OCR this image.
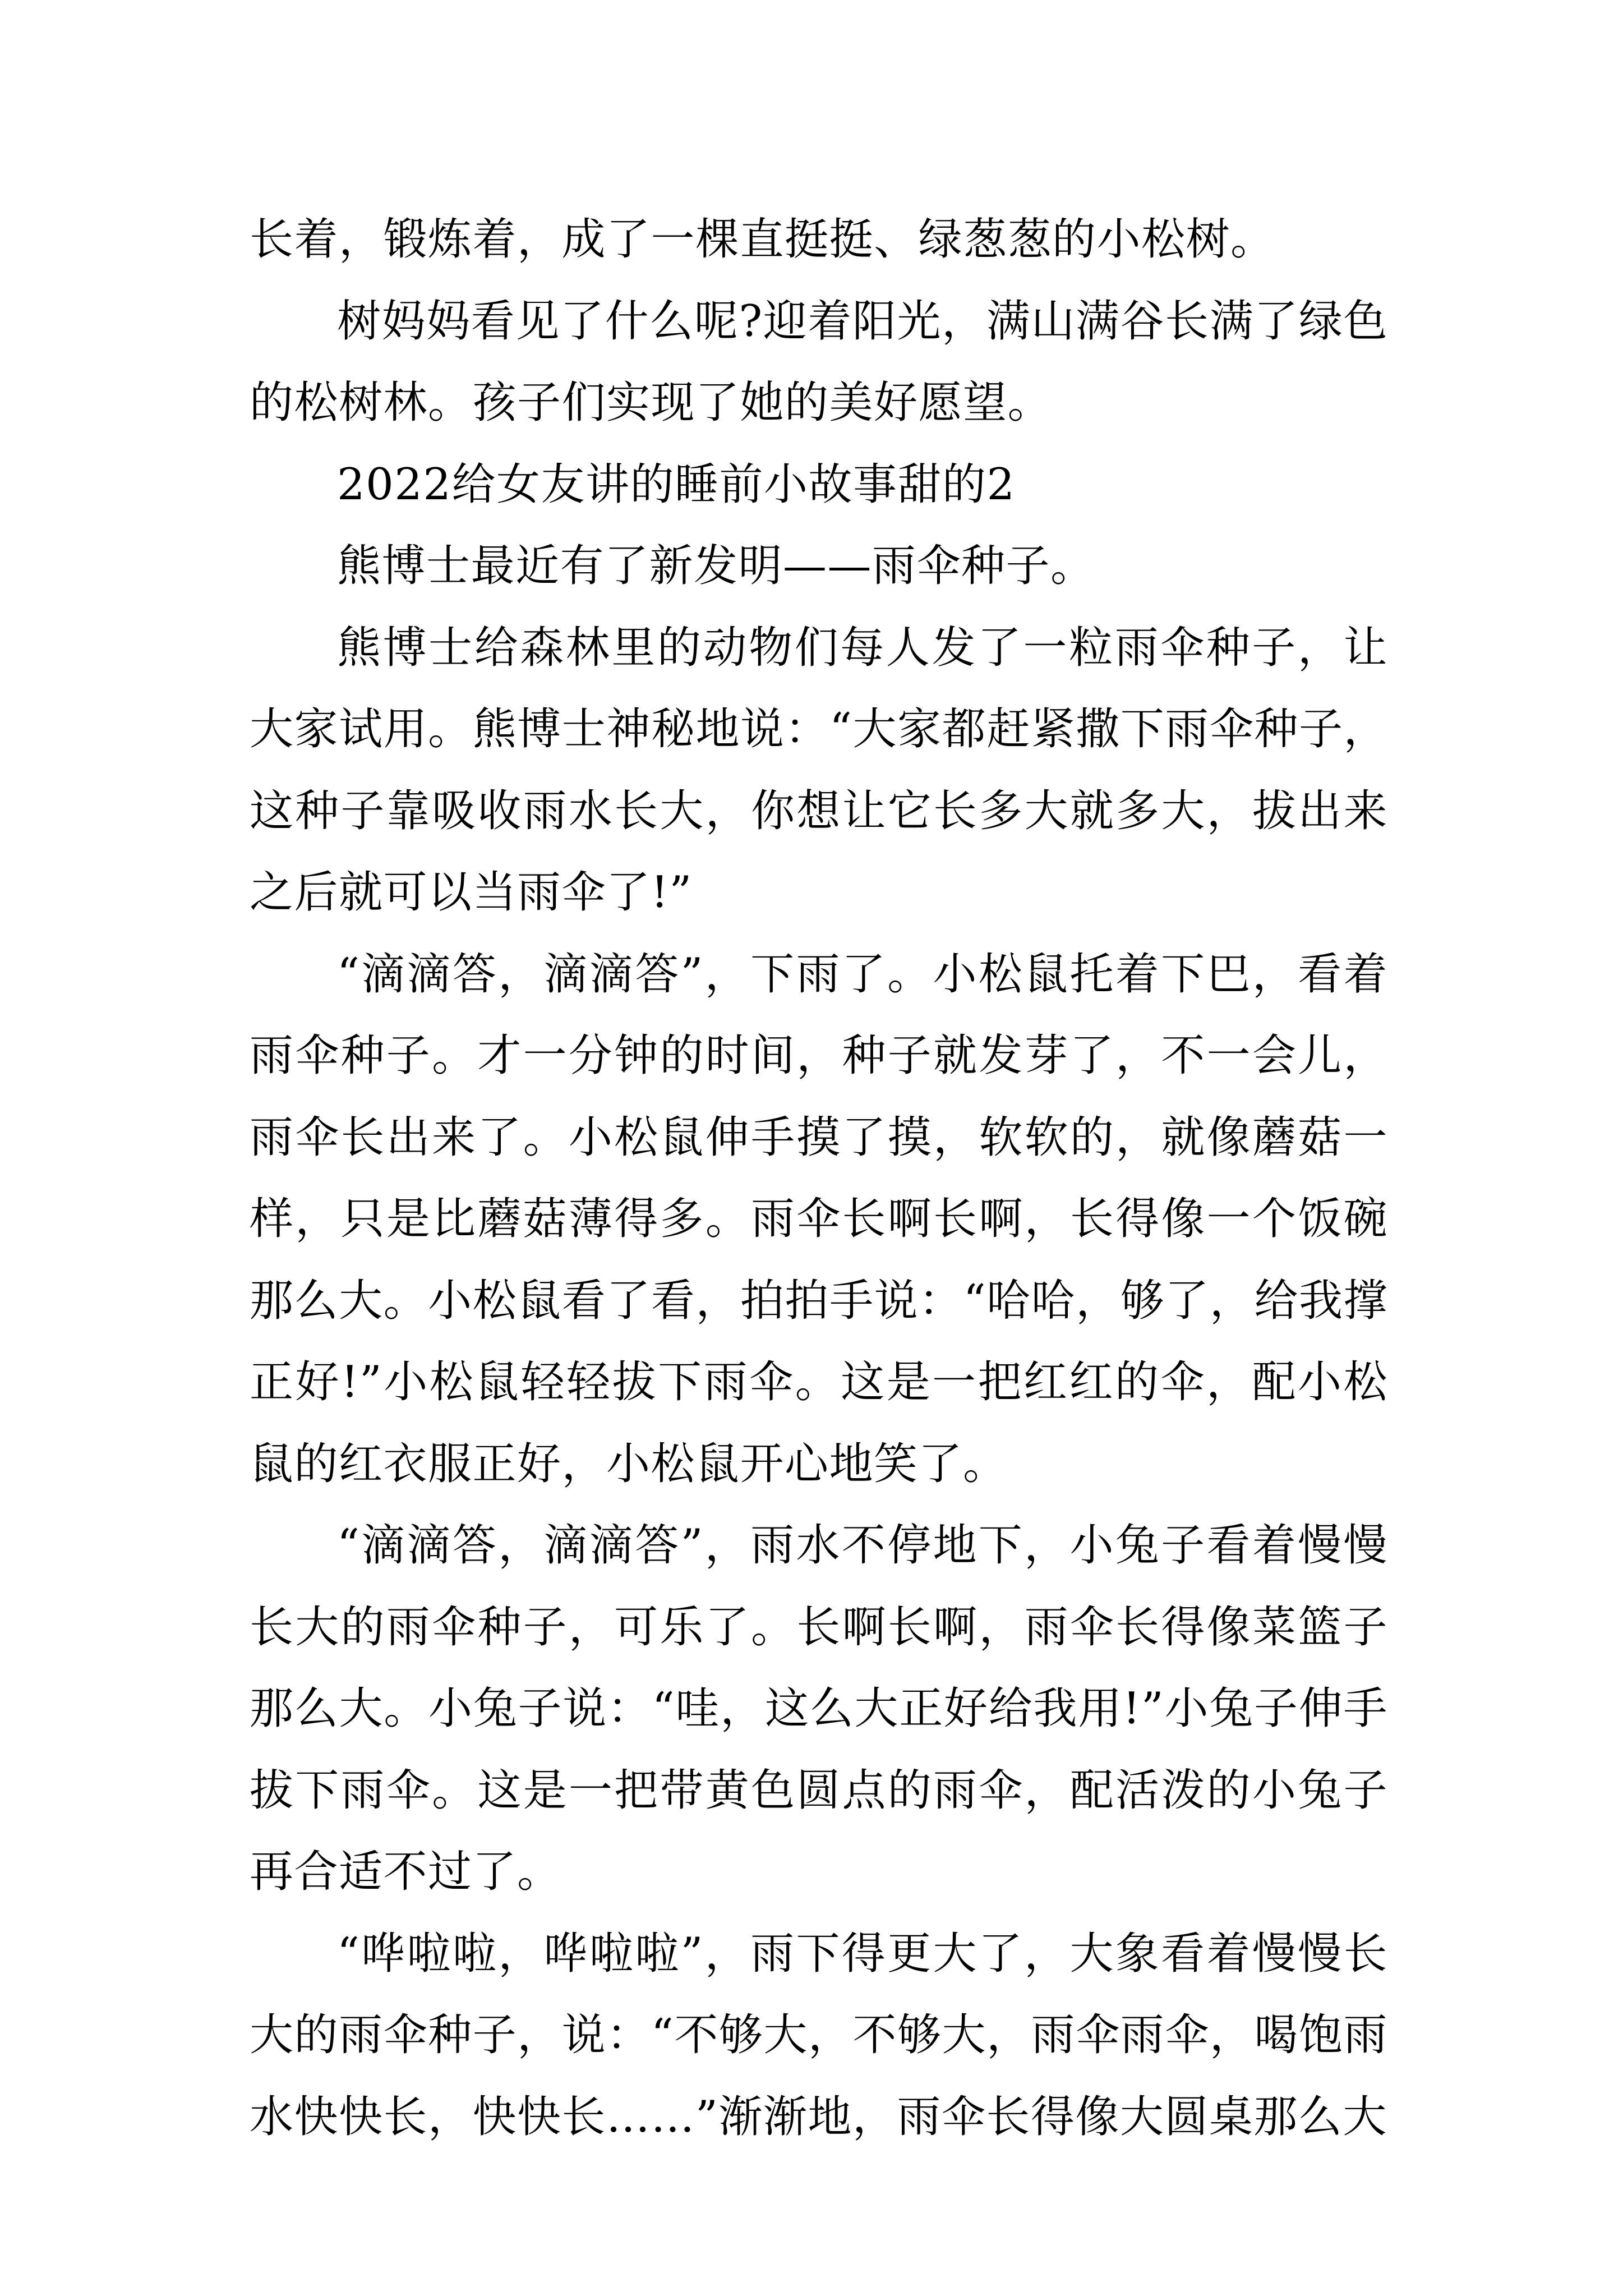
长着，锻炼着，成了一棵直挺挺、绿葱葱的小松树。

树妈妈看见了什么呢?迎着阳光，满山满谷长满了绿色的松树林。孩子们实现了她的美好愿望。

2022给女友讲的睡前小故事甜的2

熊博士最近有了新发明——雨伞种子。

熊博士给森林里的动物们每人发了一粒雨伞种子，让大家试用。熊博士神秘地说：“大家都赶紧撒下雨伞种子，这种子靠吸收雨水长大，你想让它长多大就多大，拔出来之后就可以当雨伞了!”

“滴滴答，滴滴答”，下雨了。小松鼠托着下巴，看着雨伞种子。才一分钟的时间，种子就发芽了，不一会儿，雨伞长出来了。小松鼠伸手摸了摸，软软的，就像蘑菇一样，只是比蘑菇薄得多。雨伞长啊长啊，长得像一个饭碗那么大。小松鼠看了看，拍拍手说：“哈哈，够了，给我撑正好!”小松鼠轻轻拔下雨伞。这是一把红红的伞，配小松鼠的红衣服正好，小松鼠开心地笑了。

“滴滴答，滴滴答”，雨水不停地下，小兔子看着慢慢长大的雨伞种子，可乐了。长啊长啊，雨伞长得像菜篮子那么大。小兔子说：“哇，这么大正好给我用!”小兔子伸手拔下雨伞。这是一把带黄色圆点的雨伞，配活泼的小兔子再合适不过了。

“哗啦啦，哗啦啦”，雨下得更大了，大象看着慢慢长大的雨伞种子，说：“不够大，不够大，雨伞雨伞，喝饱雨水快快长，快快长……”渐渐地，雨伞长得像大圆桌那么大
